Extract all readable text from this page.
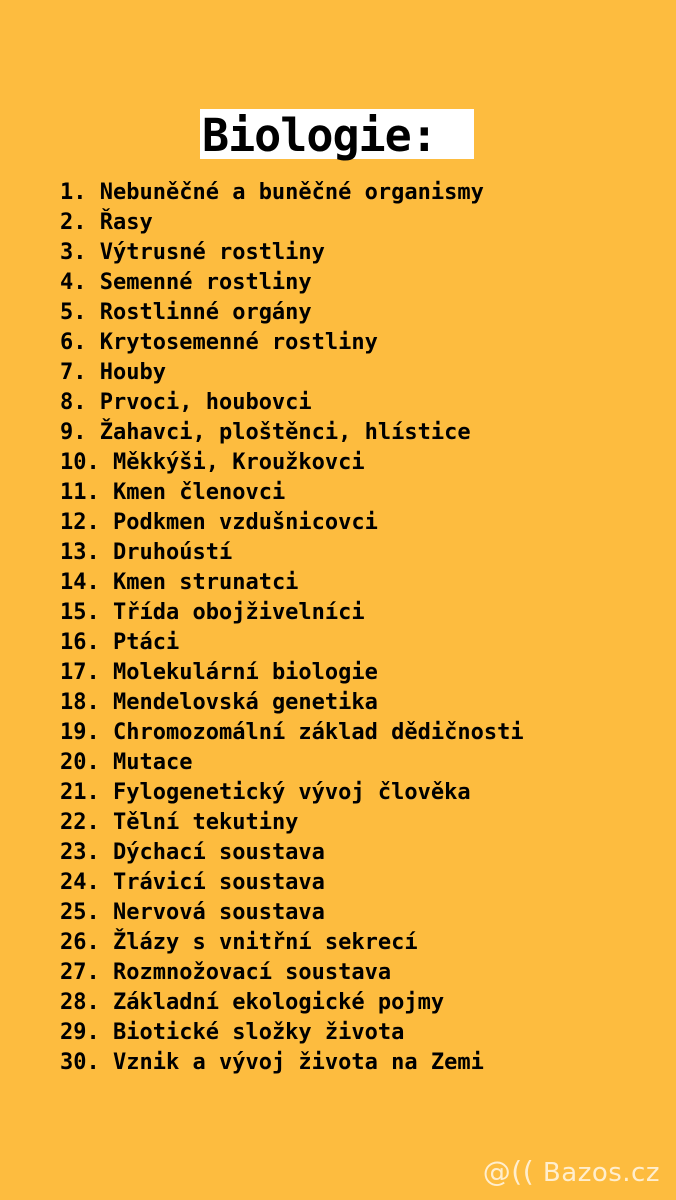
Biologie:
1. Nebuněčné a buněčné organismy
2. Řasy
3. Výtrusné rostliny
4. Semenné rostliny
5. Rostlinné orgány
6. Krytosemenné rostliny
7. Houby
8. Prvoci, houbovci
9. Žahavci, ploštěnci, hlístice
10. Měkkýši, Kroužkovci
11. Kmen členovci
12. Podkmen vzdušnicovci
13. Druhoústí
14. Kmen strunatci
15. Třída obojživelníci
16. Ptáci
17. Molekulární biologie
18. Mendelovská genetika
19. Chromozomální základ dědičnosti
20. Mutace
21. Fylogenetický vývoj člověka
22. Tělní tekutiny
23. Dýchací soustava
24. Trávicí soustava
25. Nervová soustava
26. Žlázy s vnitřní sekrecí
27. Rozmnožovací soustava
28. Základní ekologické pojmy
29. Biotické složky života
30. Vznik a vývoj života na Zemi

@(( Bazos.cz
